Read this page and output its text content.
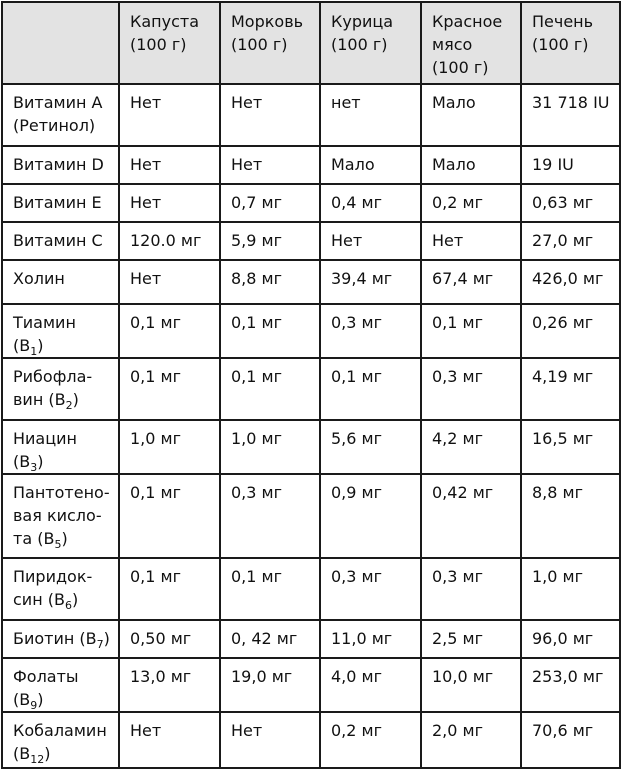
	Капуста (100 г)	Морковь (100 г)	Курица (100 г)	Красное мясо (100 г)	Печень (100 г)
Витамин А (Ретинол)	Нет	Нет	нет	Мало	31 718 IU
Витамин D	Нет	Нет	Мало	Мало	19 IU
Витамин Е	Нет	0,7 мг	0,4 мг	0,2 мг	0,63 мг
Витамин С	120.0 мг	5,9 мг	Нет	Нет	27,0 мг
Холин	Нет	8,8 мг	39,4 мг	67,4 мг	426,0 мг
Тиамин $(В_1)$	0,1 мг	0,1 мг	0,3 мг	0,1 мг	0,26 мг
Рибофла-вин $(В_2)$	0,1 мг	0,1 мг	0,1 мг	0,3 мг	4,19 мг
Ниацин $(В_3)$	1,0 мг	1,0 мг	5,6 мг	4,2 мг	16,5 мг
Пантотено-вая кисло-та $(В_5)$	0,1 мг	0,3 мг	0,9 мг	0,42 мг	8,8 мг
Пиридок-син $(В_6)$	0,1 мг	0,1 мг	0,3 мг	0,3 мг	1,0 мг
Биотин $(В_7)$	0,50 мг	0, 42 мг	11,0 мг	2,5 мг	96,0 мг
Фолаты $(В_9)$	13,0 мг	19,0 мг	4,0 мг	10,0 мг	253,0 мг
Кобаламин $(В_{12})$	Нет	Нет	0,2 мг	2,0 мг	70,6 мг
